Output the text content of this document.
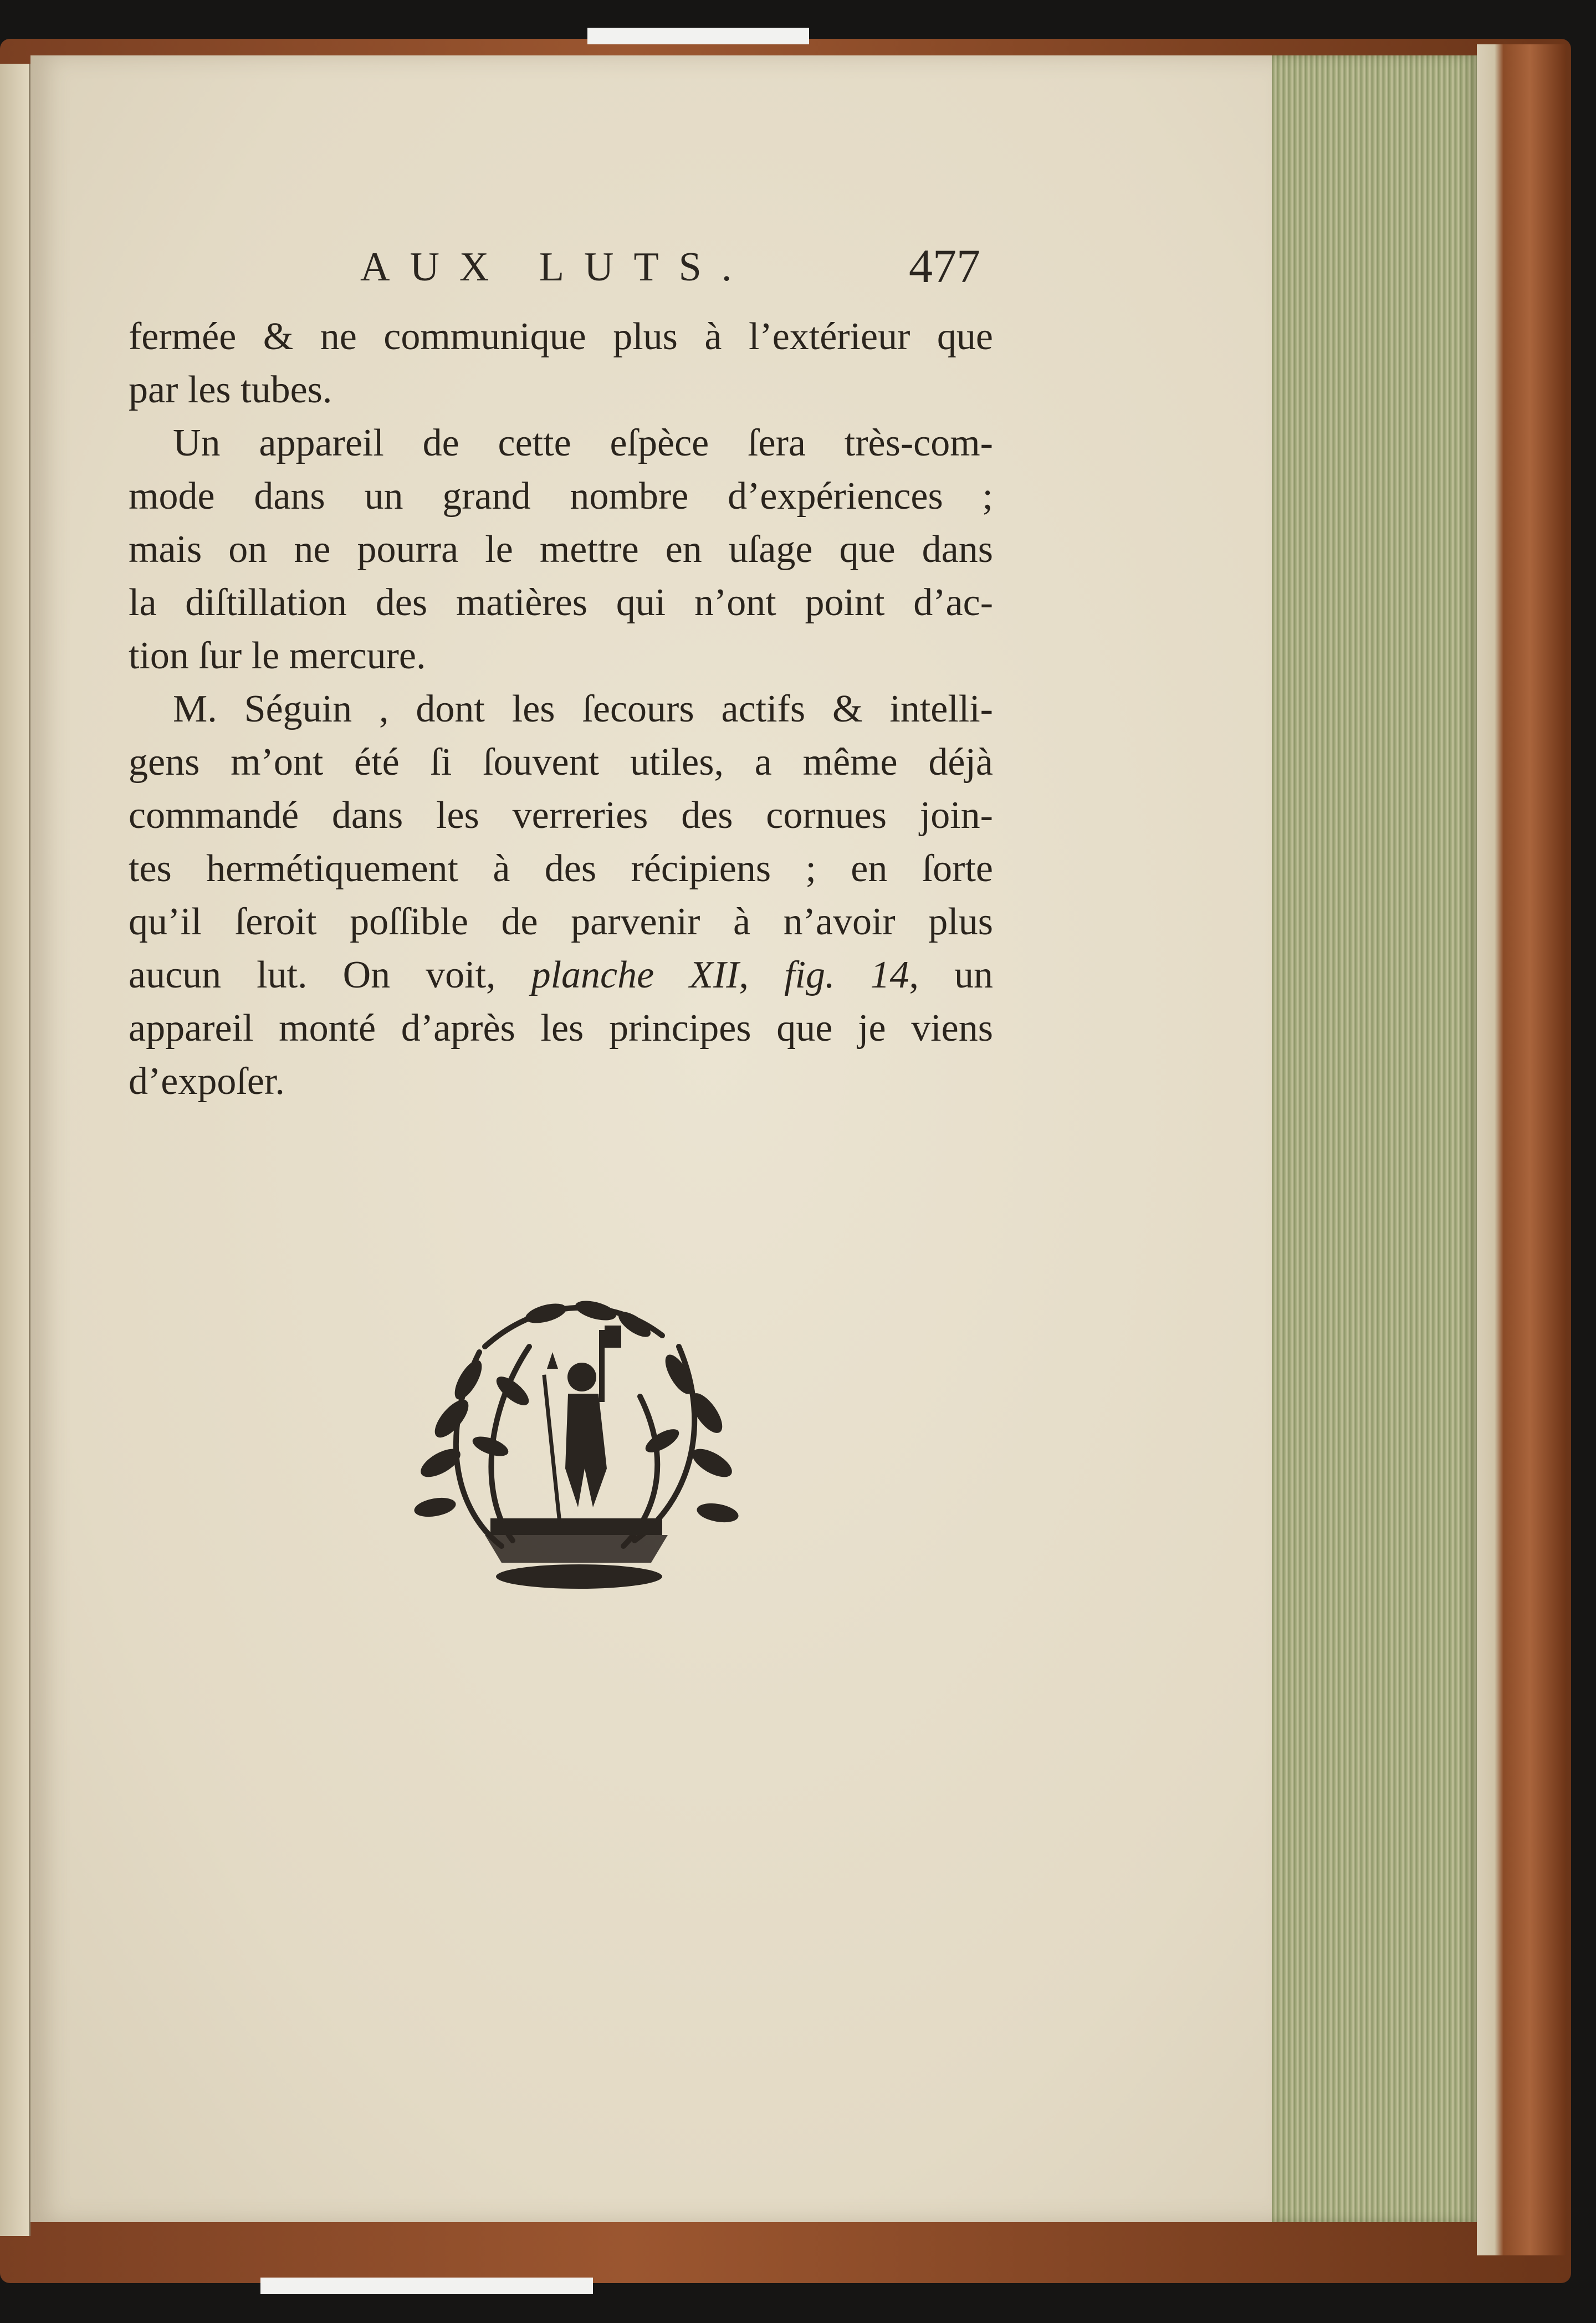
AUX LUTS.	477

fermée & ne communique plus à l’extérieur que
par les tubes.

Un appareil de cette eſpèce ſera très-com-
mode dans un grand nombre d’expériences ;
mais on ne pourra le mettre en uſage que dans
la diſtillation des matières qui n’ont point d’ac-
tion ſur le mercure.

M. Séguin , dont les ſecours actifs & intelli-
gens m’ont été ſi ſouvent utiles, a même déjà
commandé dans les verreries des cornues join-
tes hermétiquement à des récipiens ; en ſorte
qu’il ſeroit poſſible de parvenir à n’avoir plus
aucun lut. On voit, planche XII, fig. 14, un
appareil monté d’après les principes que je viens
d’expoſer.
